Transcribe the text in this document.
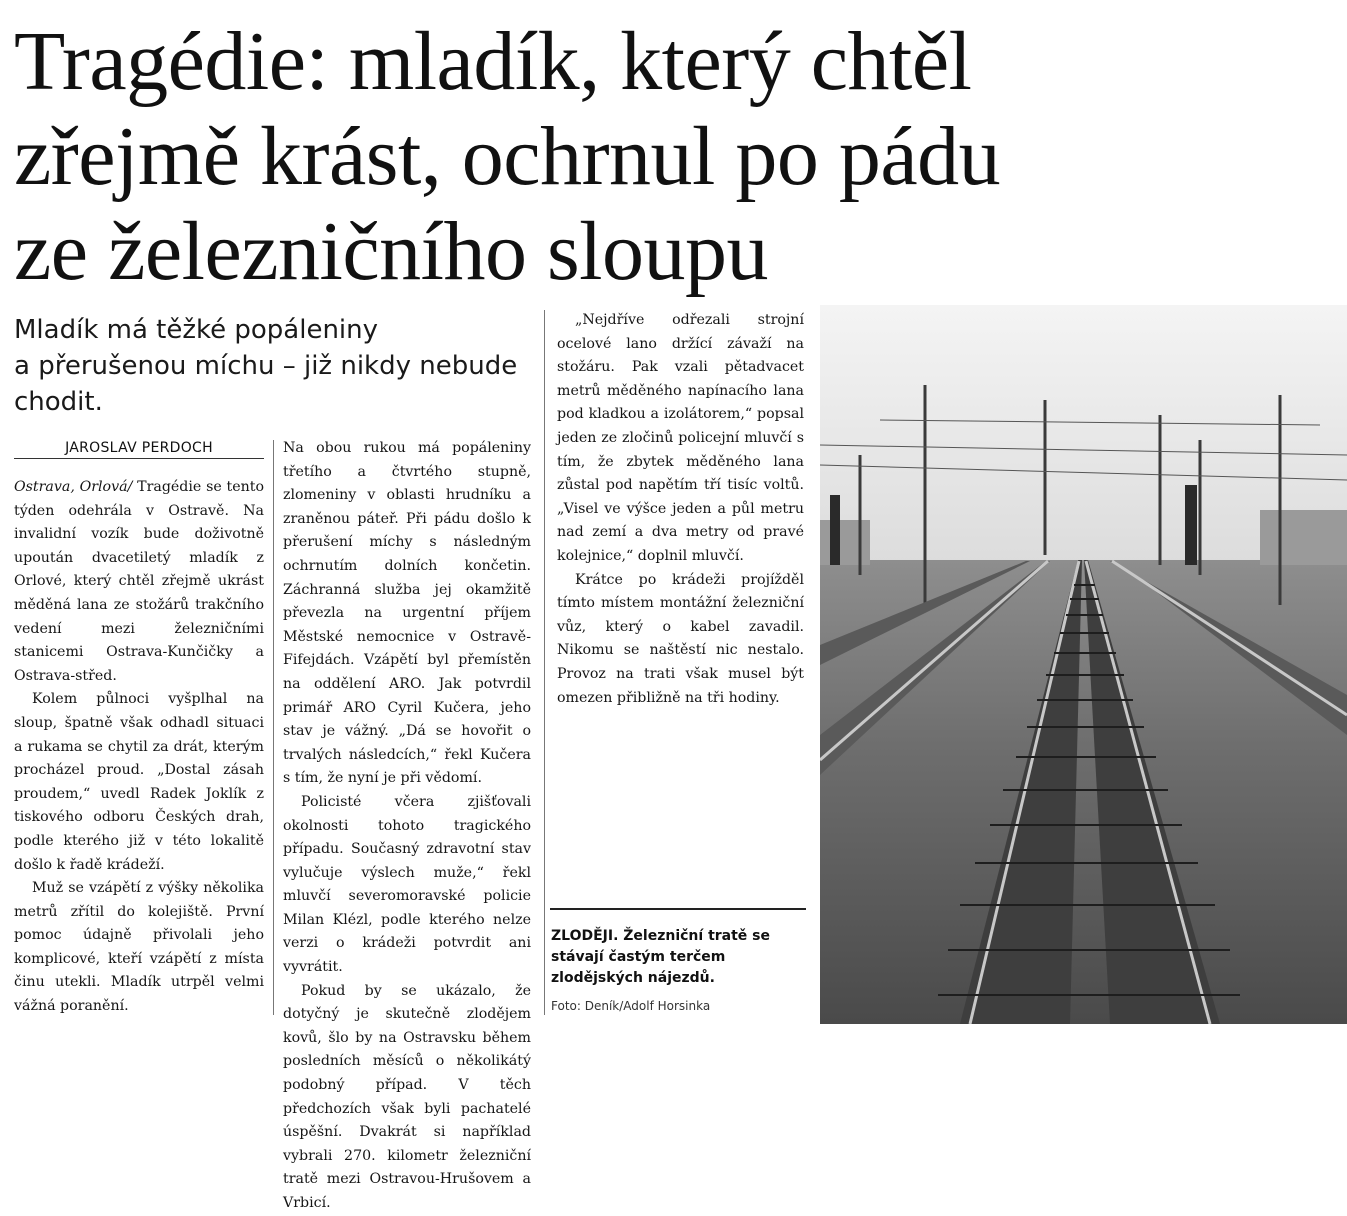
Tragédie: mladík, který chtěl
zřejmě krást, ochrnul po pádu
ze železničního sloupu
Mladík má těžké popáleniny
a přerušenou míchu – již nikdy nebude
chodit.
JAROSLAV PERDOCH

Ostrava, Orlová/ Tragédie se tento týden odehrála v Ostravě. Na invalidní vozík bude doživotně upoután dvacetiletý mladík z Orlové, který chtěl zřejmě ukrást měděná lana ze stožárů trakčního vedení mezi železničními stanicemi Ostrava-Kunčičky a Ostrava-střed.

Kolem půlnoci vyšplhal na sloup, špatně však odhadl situaci a rukama se chytil za drát, kterým procházel proud. „Dostal zásah proudem,“ uvedl Radek Joklík z tiskového odboru Českých drah, podle kterého již v této lokalitě došlo k řadě krádeží.

Muž se vzápětí z výšky několika metrů zřítil do kolejiště. První pomoc údajně přivolali jeho komplicové, kteří vzápětí z místa činu utekli. Mladík utrpěl velmi vážná poranění.

Na obou rukou má popáleniny třetího a čtvrtého stupně, zlomeniny v oblasti hrudníku a zraněnou páteř. Při pádu došlo k přerušení míchy s následným ochrnutím dolních končetin. Záchranná služba jej okamžitě převezla na urgentní příjem Městské nemocnice v Ostravě-Fifejdách. Vzápětí byl přemístěn na oddělení ARO. Jak potvrdil primář ARO Cyril Kučera, jeho stav je vážný. „Dá se hovořit o trvalých následcích,“ řekl Kučera s tím, že nyní je při vědomí.

Policisté včera zjišťovali okolnosti tohoto tragického případu. Současný zdravotní stav vylučuje výslech muže,“ řekl mluvčí severomoravské policie Milan Klézl, podle kterého nelze verzi o krádeži potvrdit ani vyvrátit.

Pokud by se ukázalo, že dotyčný je skutečně zlodějem kovů, šlo by na Ostravsku během posledních měsíců o několikátý podobný případ. V těch předchozích však byli pachatelé úspěšní. Dvakrát si například vybrali 270. kilometr železniční tratě mezi Ostravou-Hrušovem a Vrbicí.

„Nejdříve odřezali strojní ocelové lano držící závaží na stožáru. Pak vzali pětadvacet metrů měděného napínacího lana pod kladkou a izolátorem,“ popsal jeden ze zločinů policejní mluvčí s tím, že zbytek měděného lana zůstal pod napětím tří tisíc voltů. „Visel ve výšce jeden a půl metru nad zemí a dva metry od pravé kolejnice,“ doplnil mluvčí.

Krátce po krádeži projížděl tímto místem montážní železniční vůz, který o kabel zavadil. Nikomu se naštěstí nic nestalo. Provoz na trati však musel být omezen přibližně na tři hodiny.

ZLODĚJI. Železniční tratě se stávají častým terčem zlodějských nájezdů.
Foto: Deník/Adolf Horsinka
